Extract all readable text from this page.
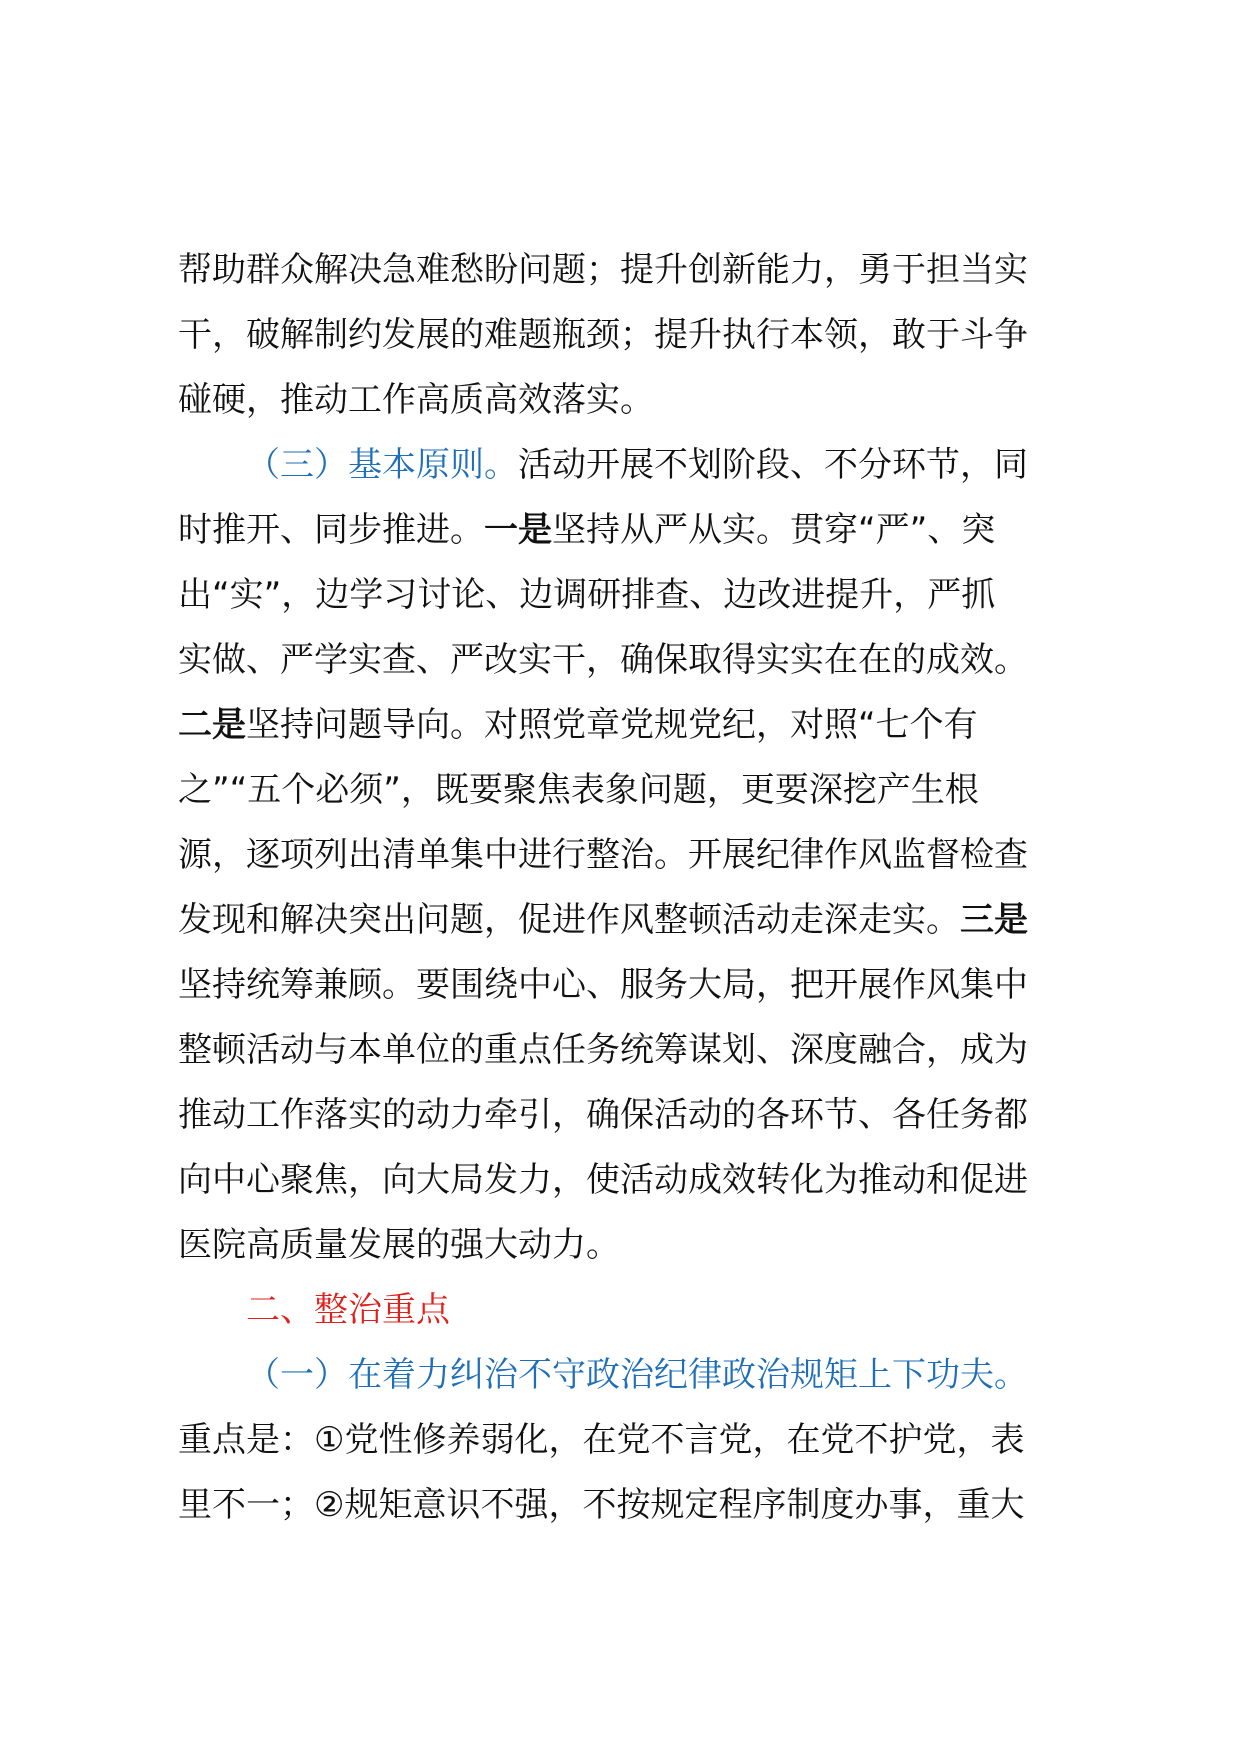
帮助群众解决急难愁盼问题；提升创新能力，勇于担当实
干，破解制约发展的难题瓶颈；提升执行本领，敢于斗争
碰硬，推动工作高质高效落实。
（三）基本原则。活动开展不划阶段、不分环节，同
时推开、同步推进。一是坚持从严从实。贯穿“严”、突
出“实”，边学习讨论、边调研排查、边改进提升，严抓
实做、严学实查、严改实干，确保取得实实在在的成效。
二是坚持问题导向。对照党章党规党纪，对照“七个有
之”“五个必须”，既要聚焦表象问题，更要深挖产生根
源，逐项列出清单集中进行整治。开展纪律作风监督检查
发现和解决突出问题，促进作风整顿活动走深走实。三是
坚持统筹兼顾。要围绕中心、服务大局，把开展作风集中
整顿活动与本单位的重点任务统筹谋划、深度融合，成为
推动工作落实的动力牵引，确保活动的各环节、各任务都
向中心聚焦，向大局发力，使活动成效转化为推动和促进
医院高质量发展的强大动力。
二、整治重点
（一）在着力纠治不守政治纪律政治规矩上下功夫。
重点是：①党性修养弱化，在党不言党，在党不护党，表
里不一；②规矩意识不强，不按规定程序制度办事，重大
